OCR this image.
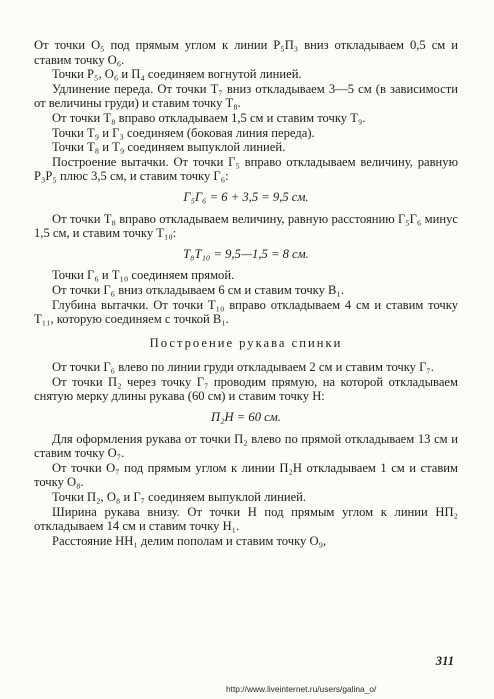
От точки О₅ под прямым углом к линии Р₅П₃ вниз откладываем 0,5 см и ставим точку О₆.

Точки Р₅, О₆ и П₄ соединяем вогнутой линией.

Удлинение переда. От точки Т₇ вниз откладываем 3—5 см (в зависимости от величины груди) и ставим точку Т₈.

От точки Т₈ вправо откладываем 1,5 см и ставим точку Т₉.

Точки Т₉ и Г₃ соединяем (боковая линия переда).

Точки Т₈ и Т₉ соединяем выпуклой линией.

Построение вытачки. От точки Г₅ вправо откладываем величину, равную Р₃Р₅ плюс 3,5 см, и ставим точку Г₆:

Г₅Г₆ = 6 + 3,5 = 9,5 см.

От точки Т₈ вправо откладываем величину, равную расстоянию Г₅Г₆ минус 1,5 см, и ставим точку Т₁₀:

Т₈Т₁₀ = 9,5—1,5 = 8 см.

Точки Г₆ и Т₁₀ соединяем прямой.

От точки Г₆ вниз откладываем 6 см и ставим точку В₁.

Глубина вытачки. От точки Т₁₀ вправо откладываем 4 см и ставим точку Т₁₁, которую соединяем с точкой В₁.

Построение рукава спинки

От точки Г₆ влево по линии груди откладываем 2 см и ставим точку Г₇.

От точки П₂ через точку Г₇ проводим прямую, на которой откладываем снятую мерку длины рукава (60 см) и ставим точку Н:

П₂Н = 60 см.

Для оформления рукава от точки П₂ влево по прямой откладываем 13 см и ставим точку О₇.

От точки О₇ под прямым углом к линии П₂Н откладываем 1 см и ставим точку О₈.

Точки П₂, О₈ и Г₇ соединяем выпуклой линией.

Ширина рукава внизу. От точки Н под прямым углом к линии НП₂ откладываем 14 см и ставим точку Н₁.

Расстояние НН₁ делим пополам и ставим точку О₉,

311
http://www.liveinternet.ru/users/galina_o/
